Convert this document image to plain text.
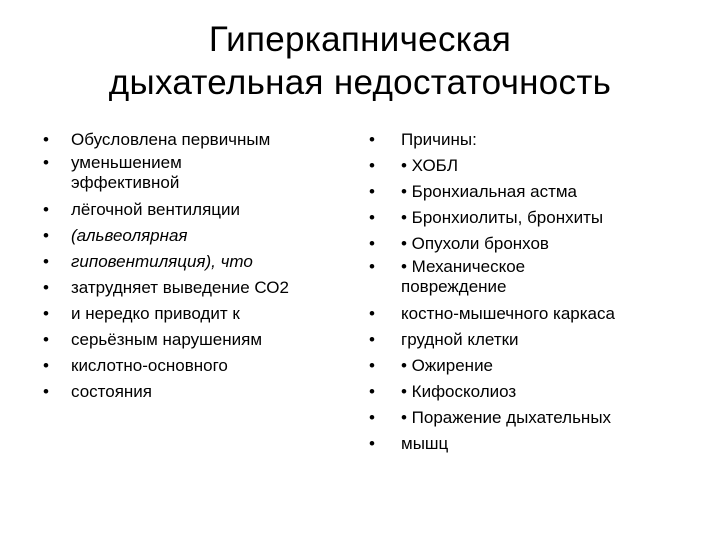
Гиперкапническая
дыхательная недостаточность
• Обусловлена первичным
• уменьшением
эффективной
• лёгочной вентиляции
• (альвеолярная
• гиповентиляция), что
• затрудняет выведение СО2
• и нередко приводит к
• серьёзным нарушениям
• кислотно-основного
• состояния
• Причины:
• • ХОБЛ
• • Бронхиальная астма
• • Бронхиолиты, бронхиты
• • Опухоли бронхов
• • Механическое
повреждение
• костно-мышечного каркаса
• грудной клетки
• • Ожирение
• • Кифосколиоз
• • Поражение дыхательных
• мышц
